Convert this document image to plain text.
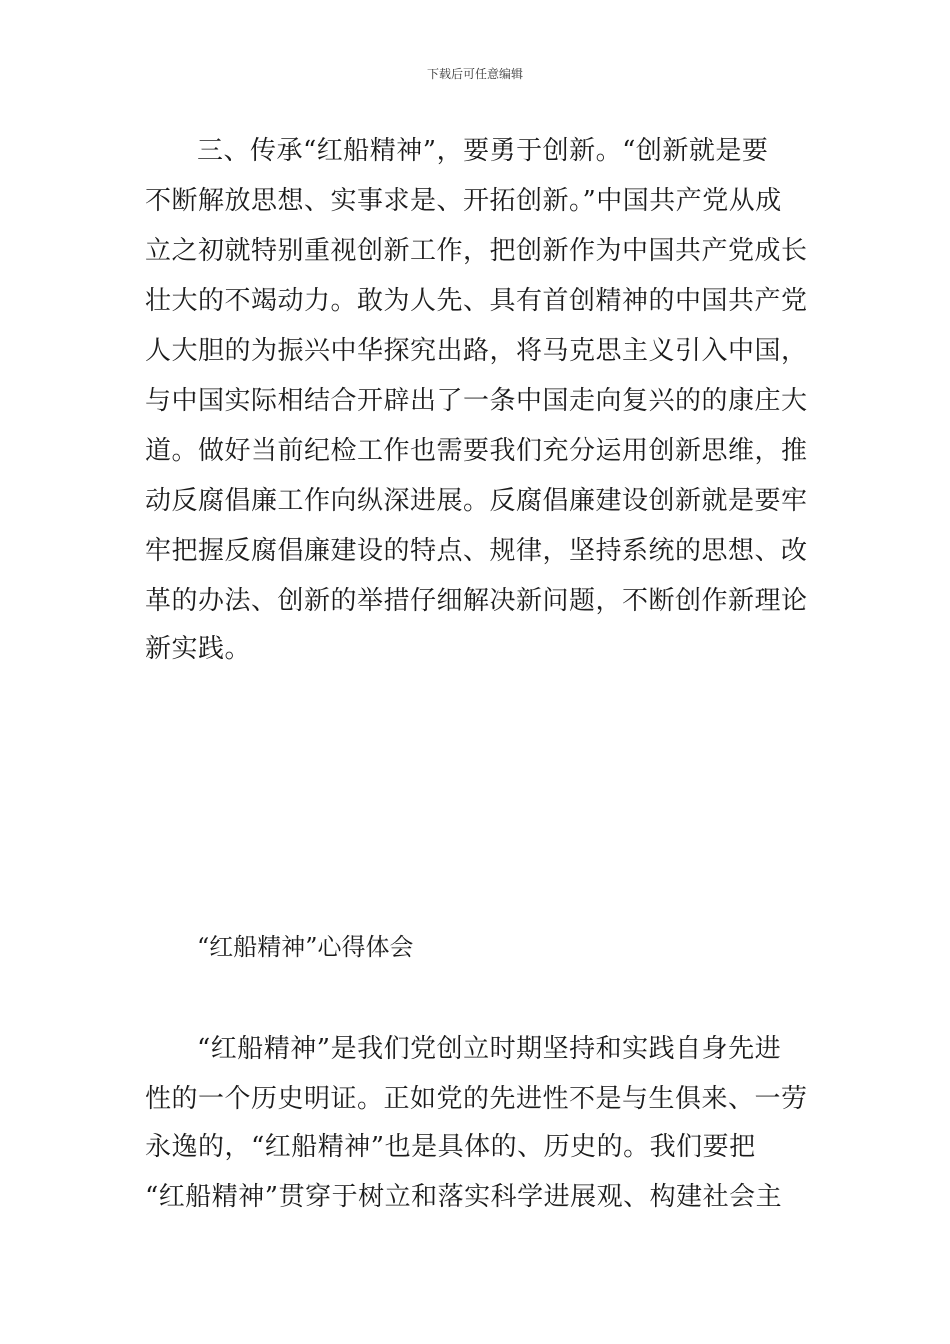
下载后可任意编辑
三、传承“红船精神”，要勇于创新。“创新就是要
不断解放思想、实事求是、开拓创新。”中国共产党从成
立之初就特别重视创新工作，把创新作为中国共产党成长
壮大的不竭动力。敢为人先、具有首创精神的中国共产党
人大胆的为振兴中华探究出路，将马克思主义引入中国，
与中国实际相结合开辟出了一条中国走向复兴的的康庄大
道。做好当前纪检工作也需要我们充分运用创新思维，推
动反腐倡廉工作向纵深进展。反腐倡廉建设创新就是要牢
牢把握反腐倡廉建设的特点、规律，坚持系统的思想、改
革的办法、创新的举措仔细解决新问题，不断创作新理论
新实践。
“红船精神”心得体会
“红船精神”是我们党创立时期坚持和实践自身先进
性的一个历史明证。正如党的先进性不是与生俱来、一劳
永逸的，“红船精神”也是具体的、历史的。我们要把
“红船精神”贯穿于树立和落实科学进展观、构建社会主
